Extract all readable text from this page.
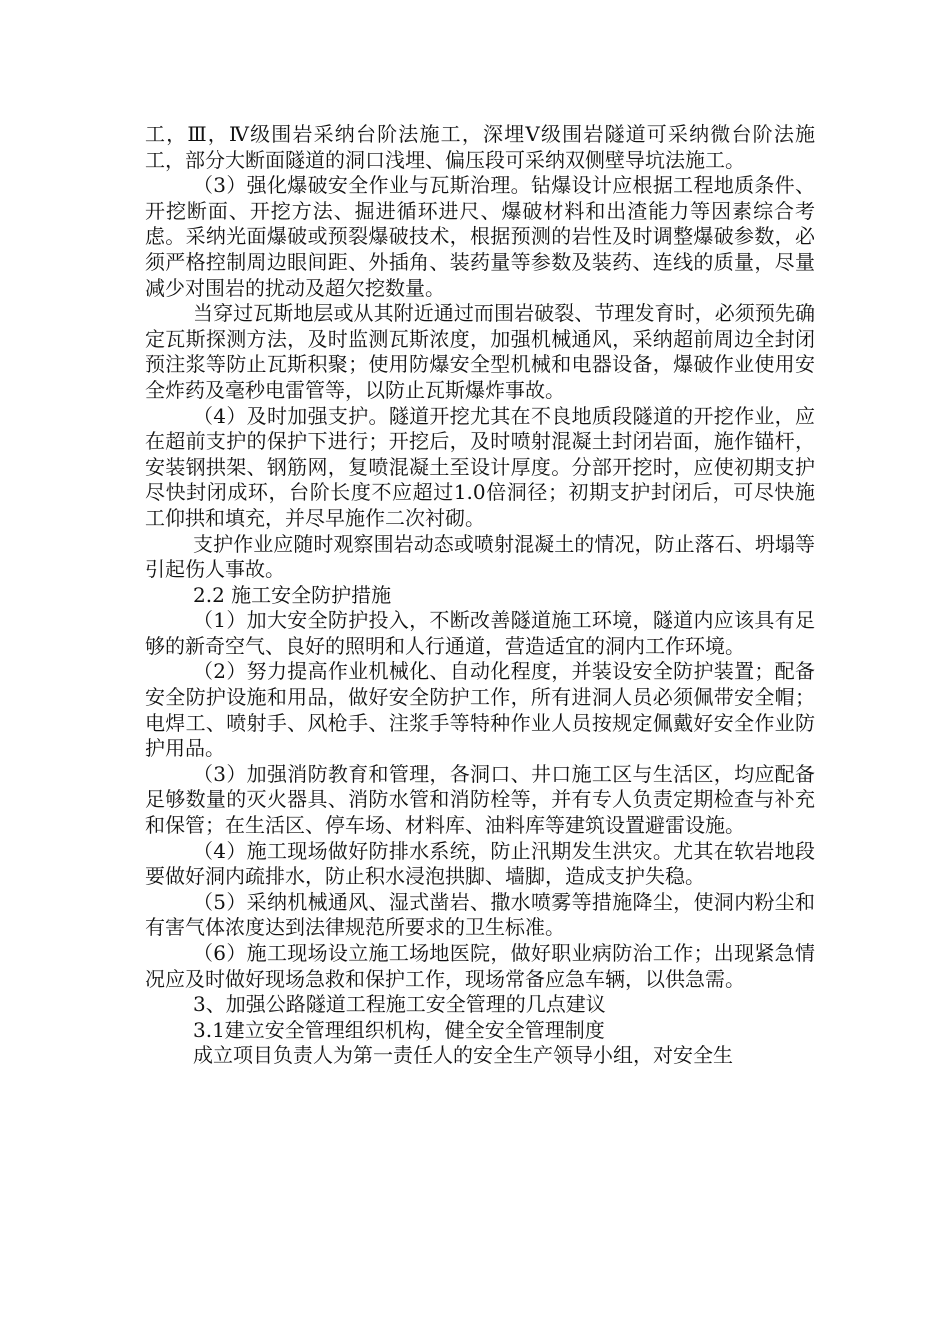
工，Ⅲ，Ⅳ级围岩采纳台阶法施工，深埋Ⅴ级围岩隧道可采纳微台阶法施工，部分大断面隧道的洞口浅埋、偏压段可采纳双侧壁导坑法施工。

（3）强化爆破安全作业与瓦斯治理。钻爆设计应根据工程地质条件、开挖断面、开挖方法、掘进循环进尺、爆破材料和出渣能力等因素综合考虑。采纳光面爆破或预裂爆破技术，根据预测的岩性及时调整爆破参数，必须严格控制周边眼间距、外插角、装药量等参数及装药、连线的质量，尽量减少对围岩的扰动及超欠挖数量。

当穿过瓦斯地层或从其附近通过而围岩破裂、节理发育时，必须预先确定瓦斯探测方法，及时监测瓦斯浓度，加强机械通风，采纳超前周边全封闭预注浆等防止瓦斯积聚；使用防爆安全型机械和电器设备，爆破作业使用安全炸药及毫秒电雷管等，以防止瓦斯爆炸事故。

（4）及时加强支护。隧道开挖尤其在不良地质段隧道的开挖作业，应在超前支护的保护下进行；开挖后，及时喷射混凝土封闭岩面，施作锚杆，安装钢拱架、钢筋网，复喷混凝土至设计厚度。分部开挖时，应使初期支护尽快封闭成环，台阶长度不应超过1.0倍洞径；初期支护封闭后，可尽快施工仰拱和填充，并尽早施作二次衬砌。

支护作业应随时观察围岩动态或喷射混凝土的情况，防止落石、坍塌等引起伤人事故。

2.2 施工安全防护措施

（1）加大安全防护投入，不断改善隧道施工环境，隧道内应该具有足够的新奇空气、良好的照明和人行通道，营造适宜的洞内工作环境。

（2）努力提高作业机械化、自动化程度，并装设安全防护装置；配备安全防护设施和用品，做好安全防护工作，所有进洞人员必须佩带安全帽；电焊工、喷射手、风枪手、注浆手等特种作业人员按规定佩戴好安全作业防护用品。

（3）加强消防教育和管理，各洞口、井口施工区与生活区，均应配备足够数量的灭火器具、消防水管和消防栓等，并有专人负责定期检查与补充和保管；在生活区、停车场、材料库、油料库等建筑设置避雷设施。

（4）施工现场做好防排水系统，防止汛期发生洪灾。尤其在软岩地段要做好洞内疏排水，防止积水浸泡拱脚、墙脚，造成支护失稳。

（5）采纳机械通风、湿式凿岩、撒水喷雾等措施降尘，使洞内粉尘和有害气体浓度达到法律规范所要求的卫生标准。

（6）施工现场设立施工场地医院，做好职业病防治工作；出现紧急情况应及时做好现场急救和保护工作，现场常备应急车辆，以供急需。

3、加强公路隧道工程施工安全管理的几点建议

3.1建立安全管理组织机构，健全安全管理制度

成立项目负责人为第一责任人的安全生产领导小组，对安全生
